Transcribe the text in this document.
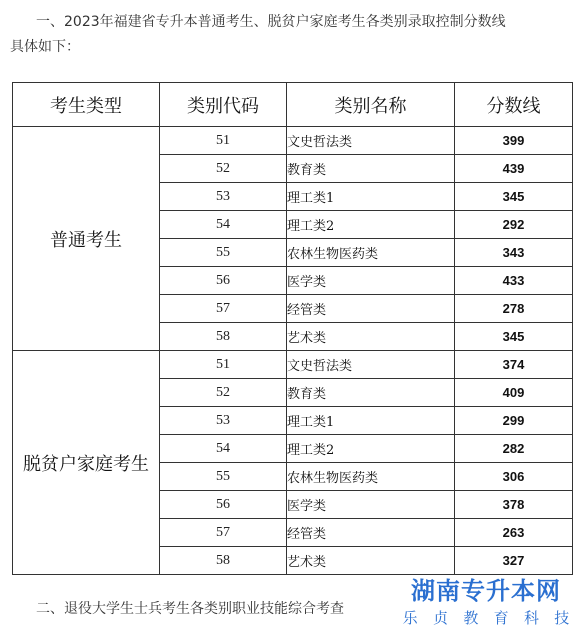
一、2023年福建省专升本普通考生、脱贫户家庭考生各类别录取控制分数线
具体如下：
考生类型	类别代码	类别名称	分数线
普通考生	51	文史哲法类	399
	52	教育类	439
	53	理工类1	345
	54	理工类2	292
	55	农林生物医药类	343
	56	医学类	433
	57	经管类	278
	58	艺术类	345
脱贫户家庭考生	51	文史哲法类	374
	52	教育类	409
	53	理工类1	299
	54	理工类2	282
	55	农林生物医药类	306
	56	医学类	378
	57	经管类	263
	58	艺术类	327
二、退役大学生士兵考生各类别职业技能综合考查
湖南专升本网
乐 贞 教 育 科 技
